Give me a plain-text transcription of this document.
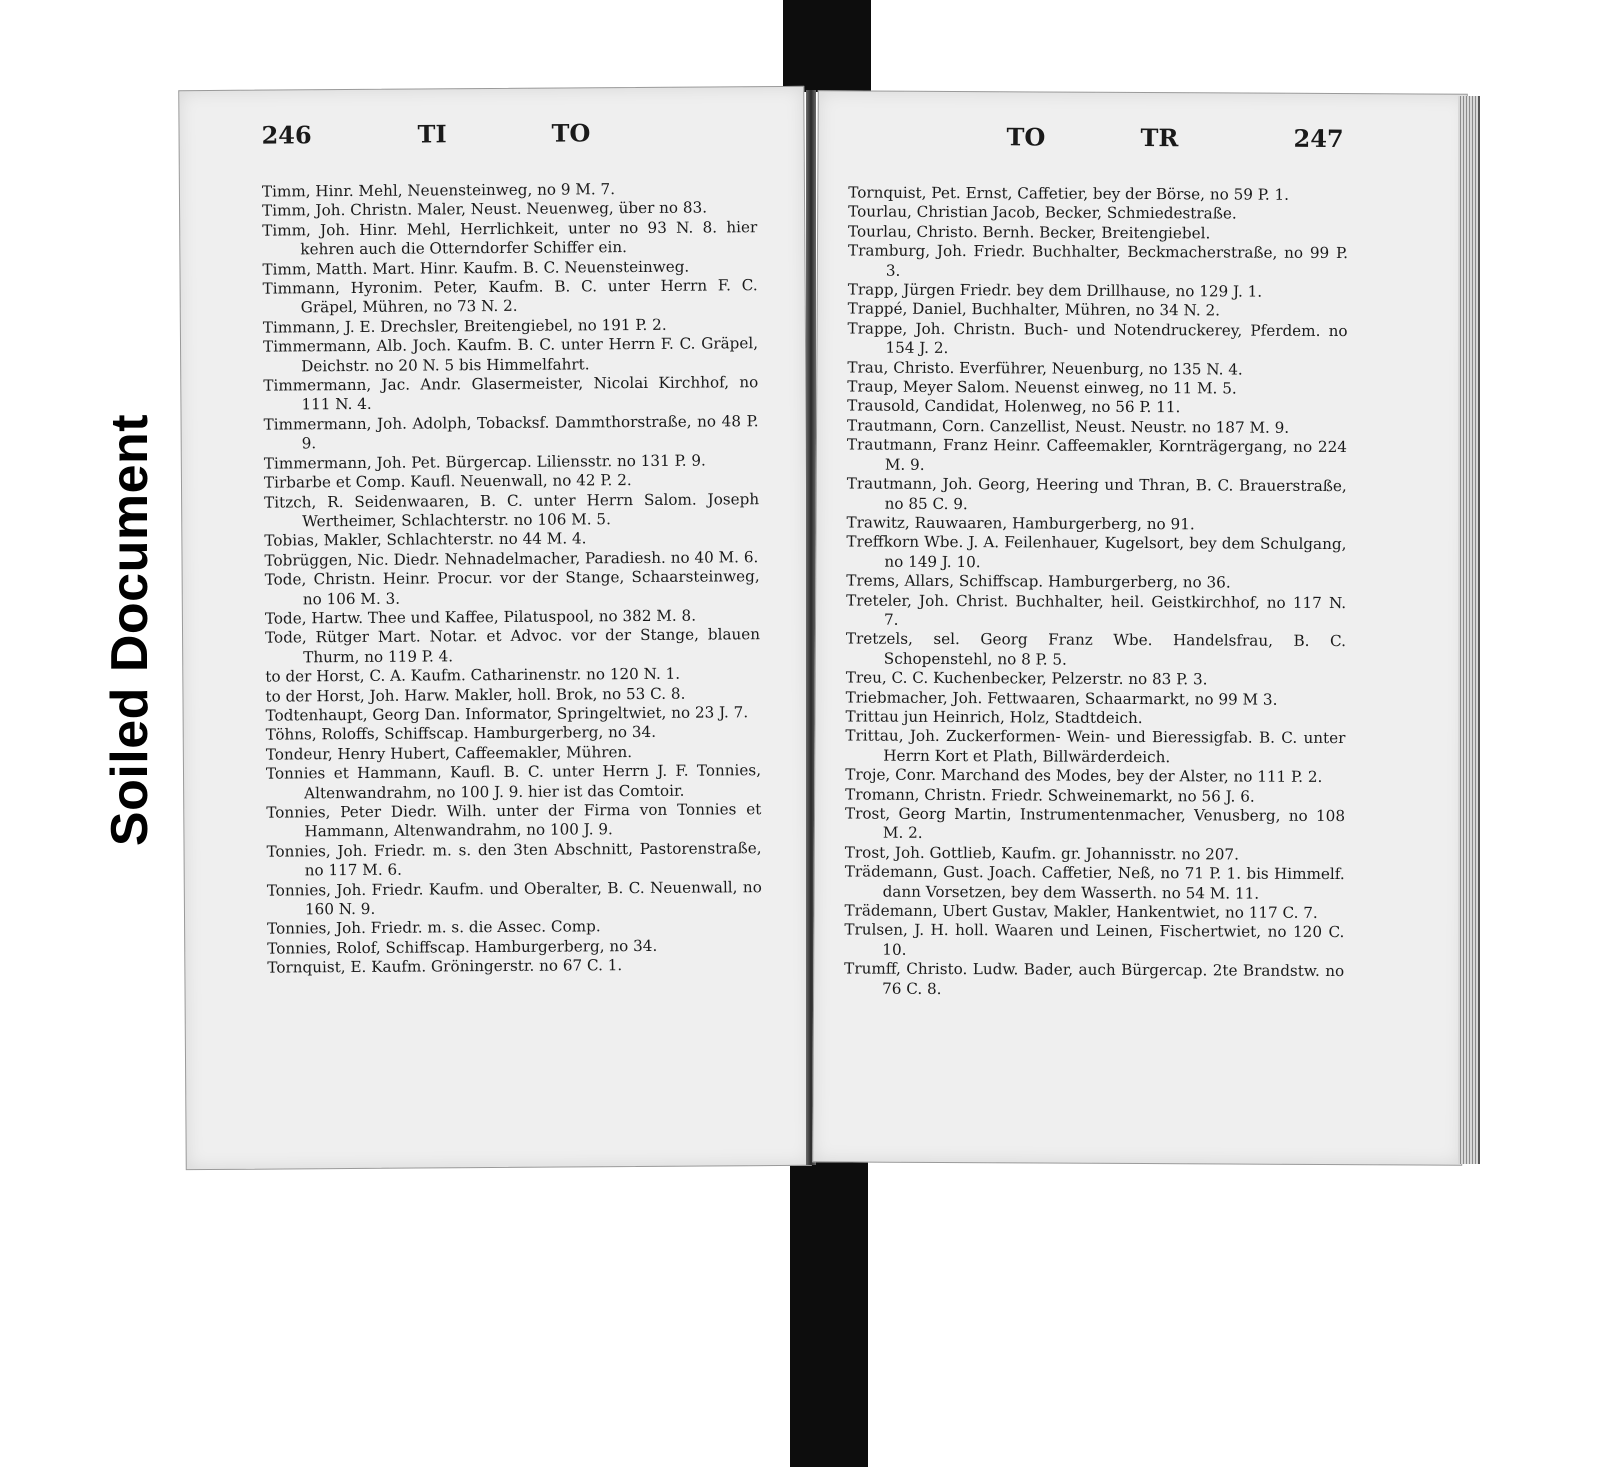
Soiled Document
246	TI	TO

Timm, Hinr. Mehl, Neuensteinweg, no 9 M. 7.

Timm, Joh. Christn. Maler, Neust. Neuenweg, über no 83.

Timm, Joh. Hinr. Mehl, Herrlichkeit, unter no 93 N. 8. hier kehren auch die Otterndorfer Schiffer ein.

Timm, Matth. Mart. Hinr. Kaufm. B. C. Neuensteinweg.

Timmann, Hyronim. Peter, Kaufm. B. C. unter Herrn F. C. Gräpel, Mühren, no 73 N. 2.

Timmann, J. E. Drechsler, Breitengiebel, no 191 P. 2.

Timmermann, Alb. Joch. Kaufm. B. C. unter Herrn F. C. Gräpel, Deichstr. no 20 N. 5 bis Himmelfahrt.

Timmermann, Jac. Andr. Glasermeister, Nicolai Kirchhof, no 111 N. 4.

Timmermann, Joh. Adolph, Tobacksf. Dammthorstraße, no 48 P. 9.

Timmermann, Joh. Pet. Bürgercap. Liliensstr. no 131 P. 9.

Tirbarbe et Comp. Kaufl. Neuenwall, no 42 P. 2.

Titzch, R. Seidenwaaren, B. C. unter Herrn Salom. Joseph Wertheimer, Schlachterstr. no 106 M. 5.

Tobias, Makler, Schlachterstr. no 44 M. 4.

Tobrüggen, Nic. Diedr. Nehnadelmacher, Paradiesh. no 40 M. 6.

Tode, Christn. Heinr. Procur. vor der Stange, Schaarsteinweg, no 106 M. 3.

Tode, Hartw. Thee und Kaffee, Pilatuspool, no 382 M. 8.

Tode, Rütger Mart. Notar. et Advoc. vor der Stange, blauen Thurm, no 119 P. 4.

to der Horst, C. A. Kaufm. Catharinenstr. no 120 N. 1.

to der Horst, Joh. Harw. Makler, holl. Brok, no 53 C. 8.

Todtenhaupt, Georg Dan. Informator, Springeltwiet, no 23 J. 7.

Töhns, Roloffs, Schiffscap. Hamburgerberg, no 34.

Tondeur, Henry Hubert, Caffeemakler, Mühren.

Tonnies et Hammann, Kaufl. B. C. unter Herrn J. F. Tonnies, Altenwandrahm, no 100 J. 9. hier ist das Comtoir.

Tonnies, Peter Diedr. Wilh. unter der Firma von Tonnies et Hammann, Altenwandrahm, no 100 J. 9.

Tonnies, Joh. Friedr. m. s. den 3ten Abschnitt, Pastorenstraße, no 117 M. 6.

Tonnies, Joh. Friedr. Kaufm. und Oberalter, B. C. Neuenwall, no 160 N. 9.

Tonnies, Joh. Friedr. m. s. die Assec. Comp.

Tonnies, Rolof, Schiffscap. Hamburgerberg, no 34.

Tornquist, E. Kaufm. Gröningerstr. no 67 C. 1.

TO	TR	247

Tornquist, Pet. Ernst, Caffetier, bey der Börse, no 59 P. 1.

Tourlau, Christian Jacob, Becker, Schmiedestraße.

Tourlau, Christo. Bernh. Becker, Breitengiebel.

Tramburg, Joh. Friedr. Buchhalter, Beckmacherstraße, no 99 P. 3.

Trapp, Jürgen Friedr. bey dem Drillhause, no 129 J. 1.

Trappé, Daniel, Buchhalter, Mühren, no 34 N. 2.

Trappe, Joh. Christn. Buch- und Notendruckerey, Pferdem. no 154 J. 2.

Trau, Christo. Everführer, Neuenburg, no 135 N. 4.

Traup, Meyer Salom. Neuenst einweg, no 11 M. 5.

Trausold, Candidat, Holenweg, no 56 P. 11.

Trautmann, Corn. Canzellist, Neust. Neustr. no 187 M. 9.

Trautmann, Franz Heinr. Caffeemakler, Kornträgergang, no 224 M. 9.

Trautmann, Joh. Georg, Heering und Thran, B. C. Brauerstraße, no 85 C. 9.

Trawitz, Rauwaaren, Hamburgerberg, no 91.

Treffkorn Wbe. J. A. Feilenhauer, Kugelsort, bey dem Schulgang, no 149 J. 10.

Trems, Allars, Schiffscap. Hamburgerberg, no 36.

Treteler, Joh. Christ. Buchhalter, heil. Geistkirchhof, no 117 N. 7.

Tretzels, sel. Georg Franz Wbe. Handelsfrau, B. C. Schopenstehl, no 8 P. 5.

Treu, C. C. Kuchenbecker, Pelzerstr. no 83 P. 3.

Triebmacher, Joh. Fettwaaren, Schaarmarkt, no 99 M 3.

Trittau jun Heinrich, Holz, Stadtdeich.

Trittau, Joh. Zuckerformen- Wein- und Bieressigfab. B. C. unter Herrn Kort et Plath, Billwärderdeich.

Troje, Conr. Marchand des Modes, bey der Alster, no 111 P. 2.

Tromann, Christn. Friedr. Schweinemarkt, no 56 J. 6.

Trost, Georg Martin, Instrumentenmacher, Venusberg, no 108 M. 2.

Trost, Joh. Gottlieb, Kaufm. gr. Johannisstr. no 207.

Trädemann, Gust. Joach. Caffetier, Neß, no 71 P. 1. bis Himmelf. dann Vorsetzen, bey dem Wasserth. no 54 M. 11.

Trädemann, Ubert Gustav, Makler, Hankentwiet, no 117 C. 7.

Trulsen, J. H. holl. Waaren und Leinen, Fischertwiet, no 120 C. 10.

Trumff, Christo. Ludw. Bader, auch Bürgercap. 2te Brandstw. no 76 C. 8.
